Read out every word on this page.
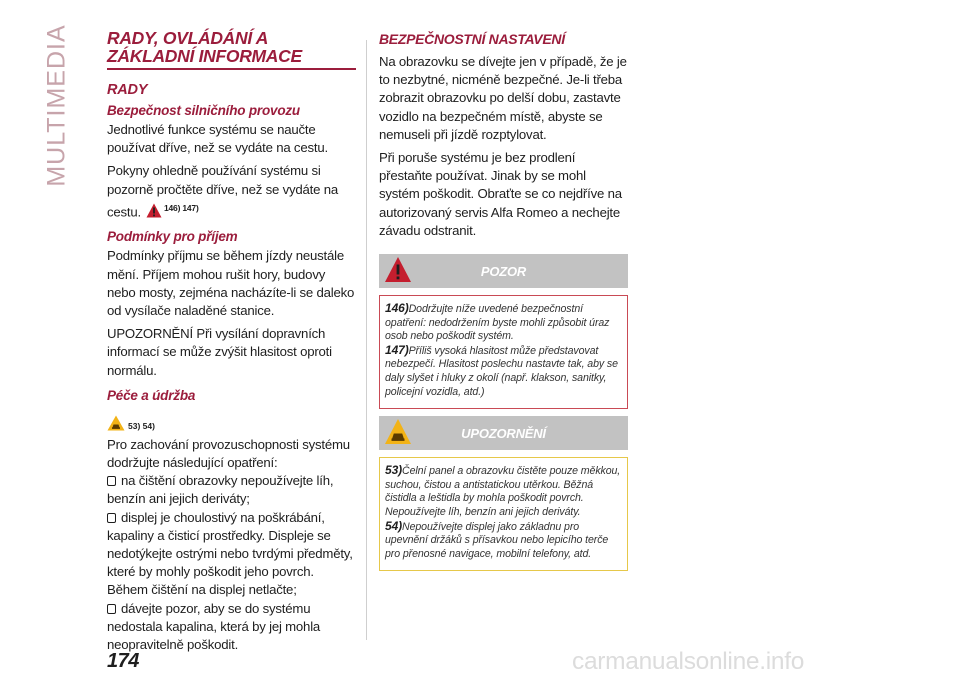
MULTIMEDIA RADY, OVLÁDÁNÍ A ZÁKLADNÍ INFORMACE
RADY
Bezpečnost silničního provozu

Jednotlivé funkce systému se naučte používat dříve, než se vydáte na cestu.

Pokyny ohledně používání systému si pozorně pročtěte dříve, než se vydáte na cestu.	$^{146) 147)}$

Podmínky pro příjem

Podmínky příjmu se během jízdy neustále mění. Příjem mohou rušit hory, budovy nebo mosty, zejména nacházíte-li se daleko od vysílače naladěné stanice.

UPOZORNĚNÍ Při vysílání dopravních informací se může zvýšit hlasitost oproti normálu.

Péče a údržba
53) 54)

Pro zachování provozuschopnosti systému dodržujte následující opatření:

na čištění obrazovky nepoužívejte líh, benzín ani jejich deriváty;
displej je choulostivý na poškrábání, kapaliny a čisticí prostředky. Displeje se nedotýkejte ostrými nebo tvrdými předměty, které by mohly poškodit jeho povrch. Během čištění na displej netlačte;
dávejte pozor, aby se do systému nedostala kapalina, která by jej mohla neopravitelně poškodit.

BEZPEČNOSTNÍ NASTAVENÍ

Na obrazovku se dívejte jen v případě, že je to nezbytné, nicméně bezpečné. Je-li třeba zobrazit obrazovku po delší dobu, zastavte vozidlo na bezpečném místě, abyste se nemuseli při jízdě rozptylovat.

Při poruše systému je bez prodlení přestaňte používat. Jinak by se mohl systém poškodit. Obraťte se co nejdříve na autorizovaný servis Alfa Romeo a nechejte závadu odstranit.

POZOR
146)Dodržujte níže uvedené bezpečnostní opatření: nedodržením byste mohli způsobit úraz osob nebo poškodit systém.
147)Příliš vysoká hlasitost může představovat nebezpečí. Hlasitost poslechu nastavte tak, aby se daly slyšet i hluky z okolí (např. klakson, sanitky, policejní vozidla, atd.)
UPOZORNĚNÍ
53)Čelní panel a obrazovku čistěte pouze měkkou, suchou, čistou a antistatickou utěrkou. Běžná čistidla a leštidla by mohla poškodit povrch. Nepoužívejte líh, benzín ani jejich deriváty.
54)Nepoužívejte displej jako základnu pro upevnění držáků s přísavkou nebo lepicího terče pro přenosné navigace, mobilní telefony, atd.
174	carmanualsonline.info
